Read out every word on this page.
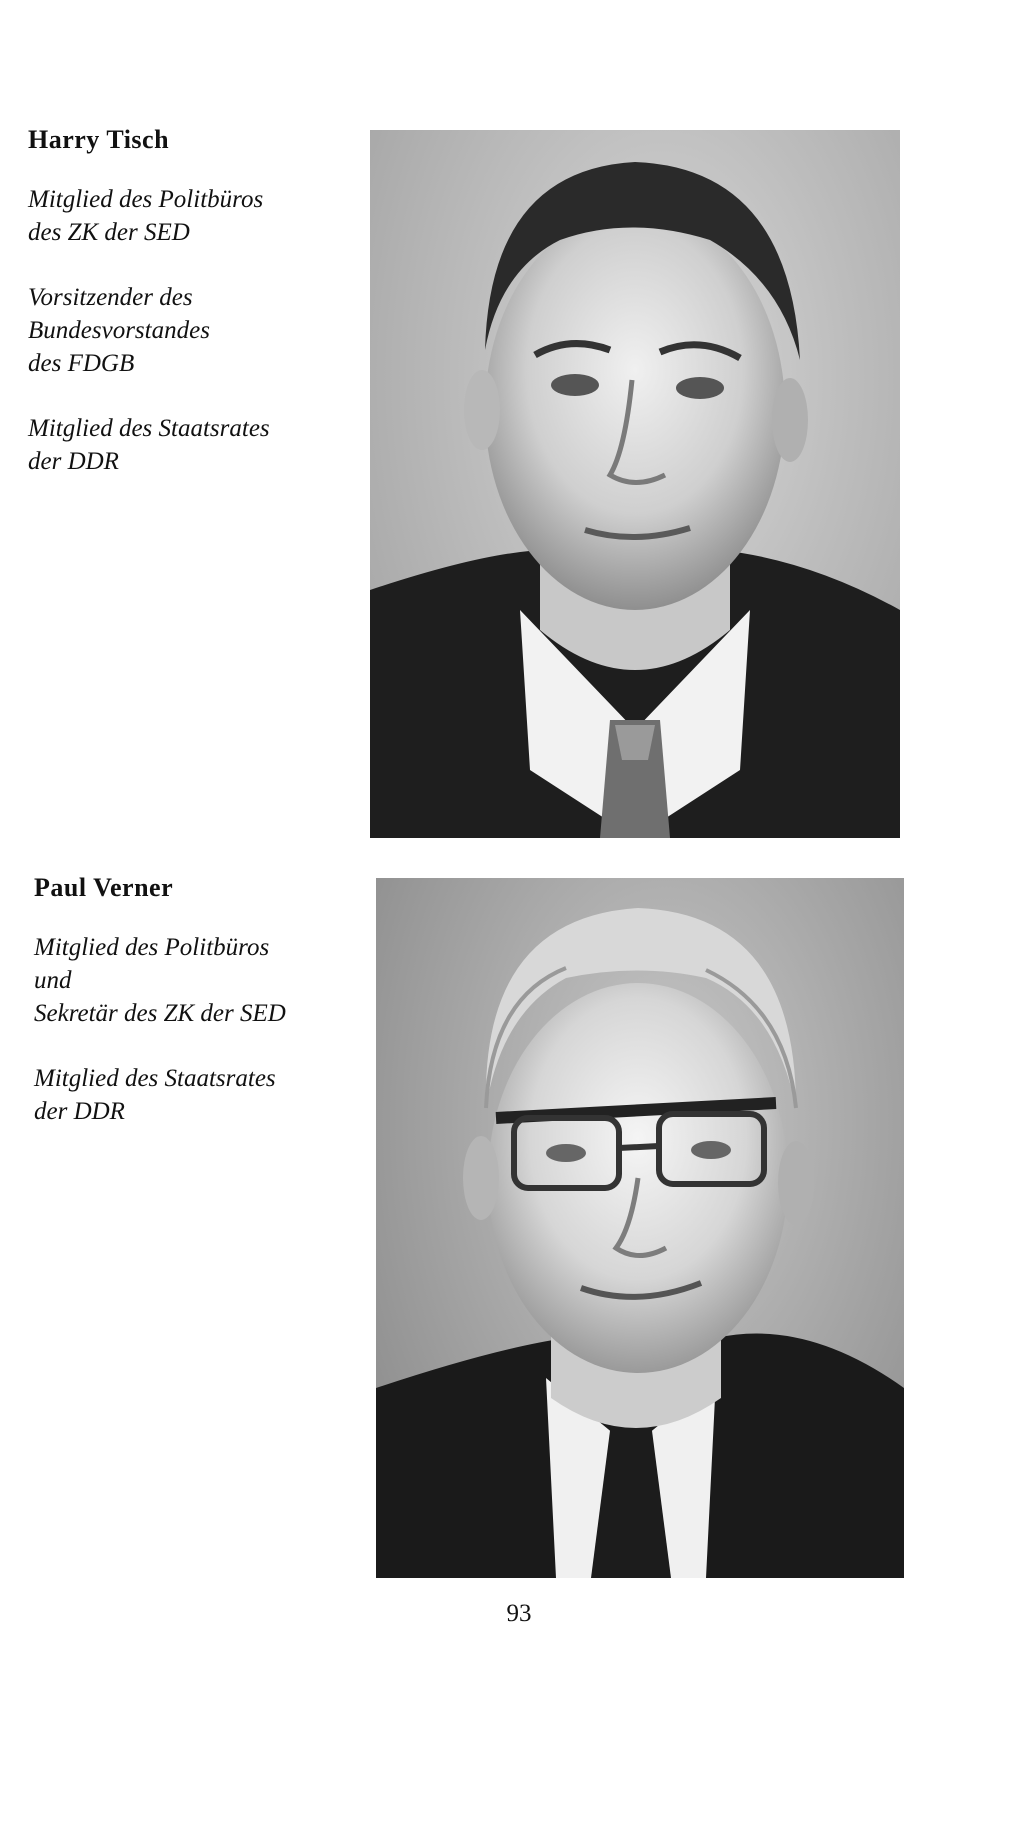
Harry Tisch
Mitglied des Politbüros
des ZK der SED
Vorsitzender des
Bundesvorstandes
des FDGB
Mitglied des Staatsrates
der DDR
Paul Verner
Mitglied des Politbüros
und
Sekretär des ZK der SED
Mitglied des Staatsrates
der DDR
93
